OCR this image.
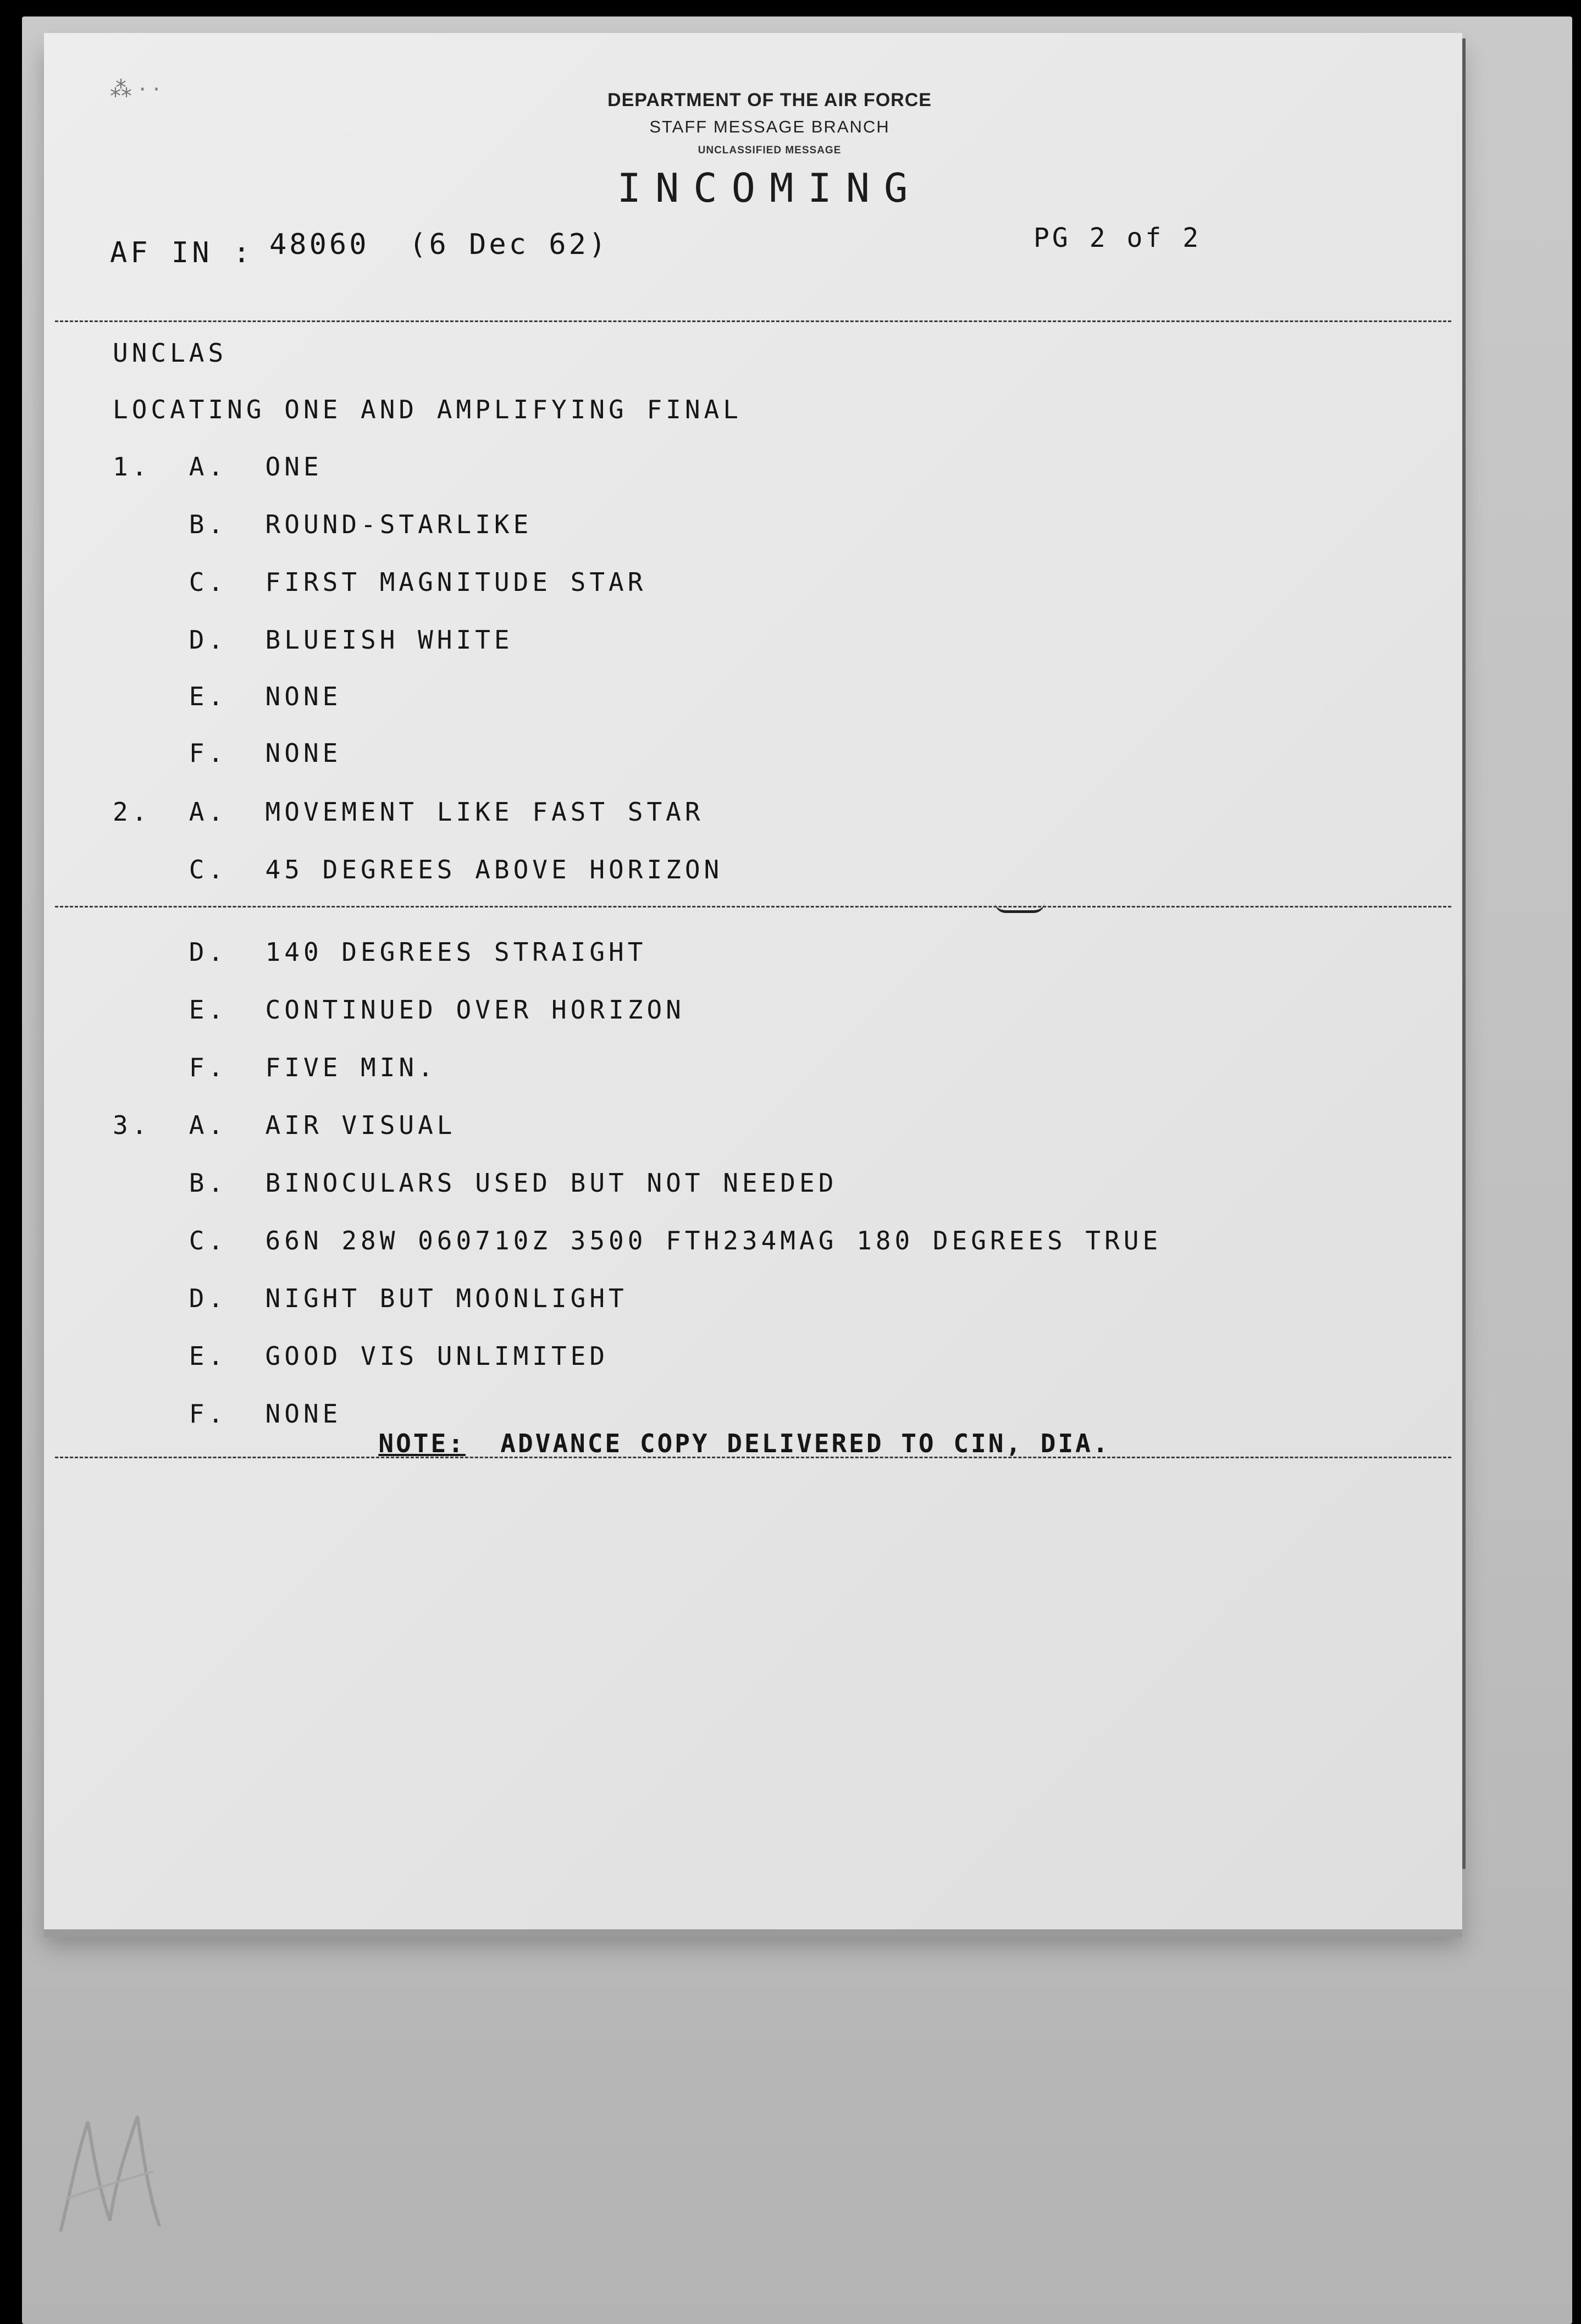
⁂ · ·	DEPARTMENT OF THE AIR FORCE
STAFF MESSAGE BRANCH
UNCLASSIFIED MESSAGE
INCOMING
AF IN : 48060  (6 Dec 62)	PG 2 of 2
UNCLAS
LOCATING ONE AND AMPLIFYING FINAL
1.  A.  ONE
B.  ROUND-STARLIKE
C.  FIRST MAGNITUDE STAR
D.  BLUEISH WHITE
E.  NONE
F.  NONE
2.  A.  MOVEMENT LIKE FAST STAR
C.  45 DEGREES ABOVE HORIZON
D.  140 DEGREES STRAIGHT
E.  CONTINUED OVER HORIZON
F.  FIVE MIN.
3.  A.  AIR VISUAL
B.  BINOCULARS USED BUT NOT NEEDED
C.  66N 28W 060710Z 3500 FTH234MAG 180 DEGREES TRUE
D.  NIGHT BUT MOONLIGHT
E.  GOOD VIS UNLIMITED
F.  NONE

NOTE: ADVANCE COPY DELIVERED TO CIN, DIA.
